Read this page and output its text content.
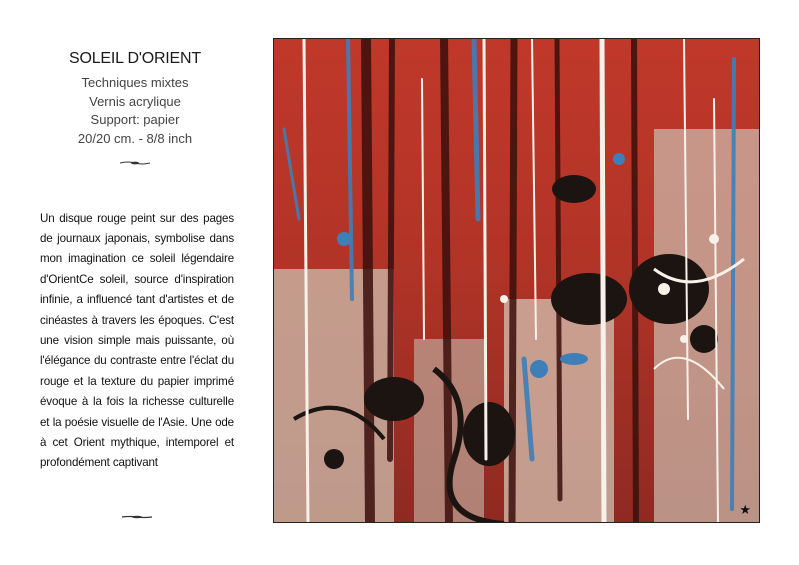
SOLEIL D'ORIENT
Techniques mixtes
Vernis acrylique
Support: papier
20/20 cm. - 8/8 inch

Un disque rouge peint sur des pages de journaux japonais, symbolise dans mon imagination ce soleil légendaire d'OrientCe soleil, source d'inspiration infinie, a influencé tant d'artistes et de cinéastes à travers les époques. C'est une vision simple mais puissante, où l'élégance du contraste entre l'éclat du rouge et la texture du papier imprimé évoque à la fois la richesse culturelle et la poésie visuelle de l'Asie. Une ode à cet Orient mythique, intemporel et profondément captivant

★
